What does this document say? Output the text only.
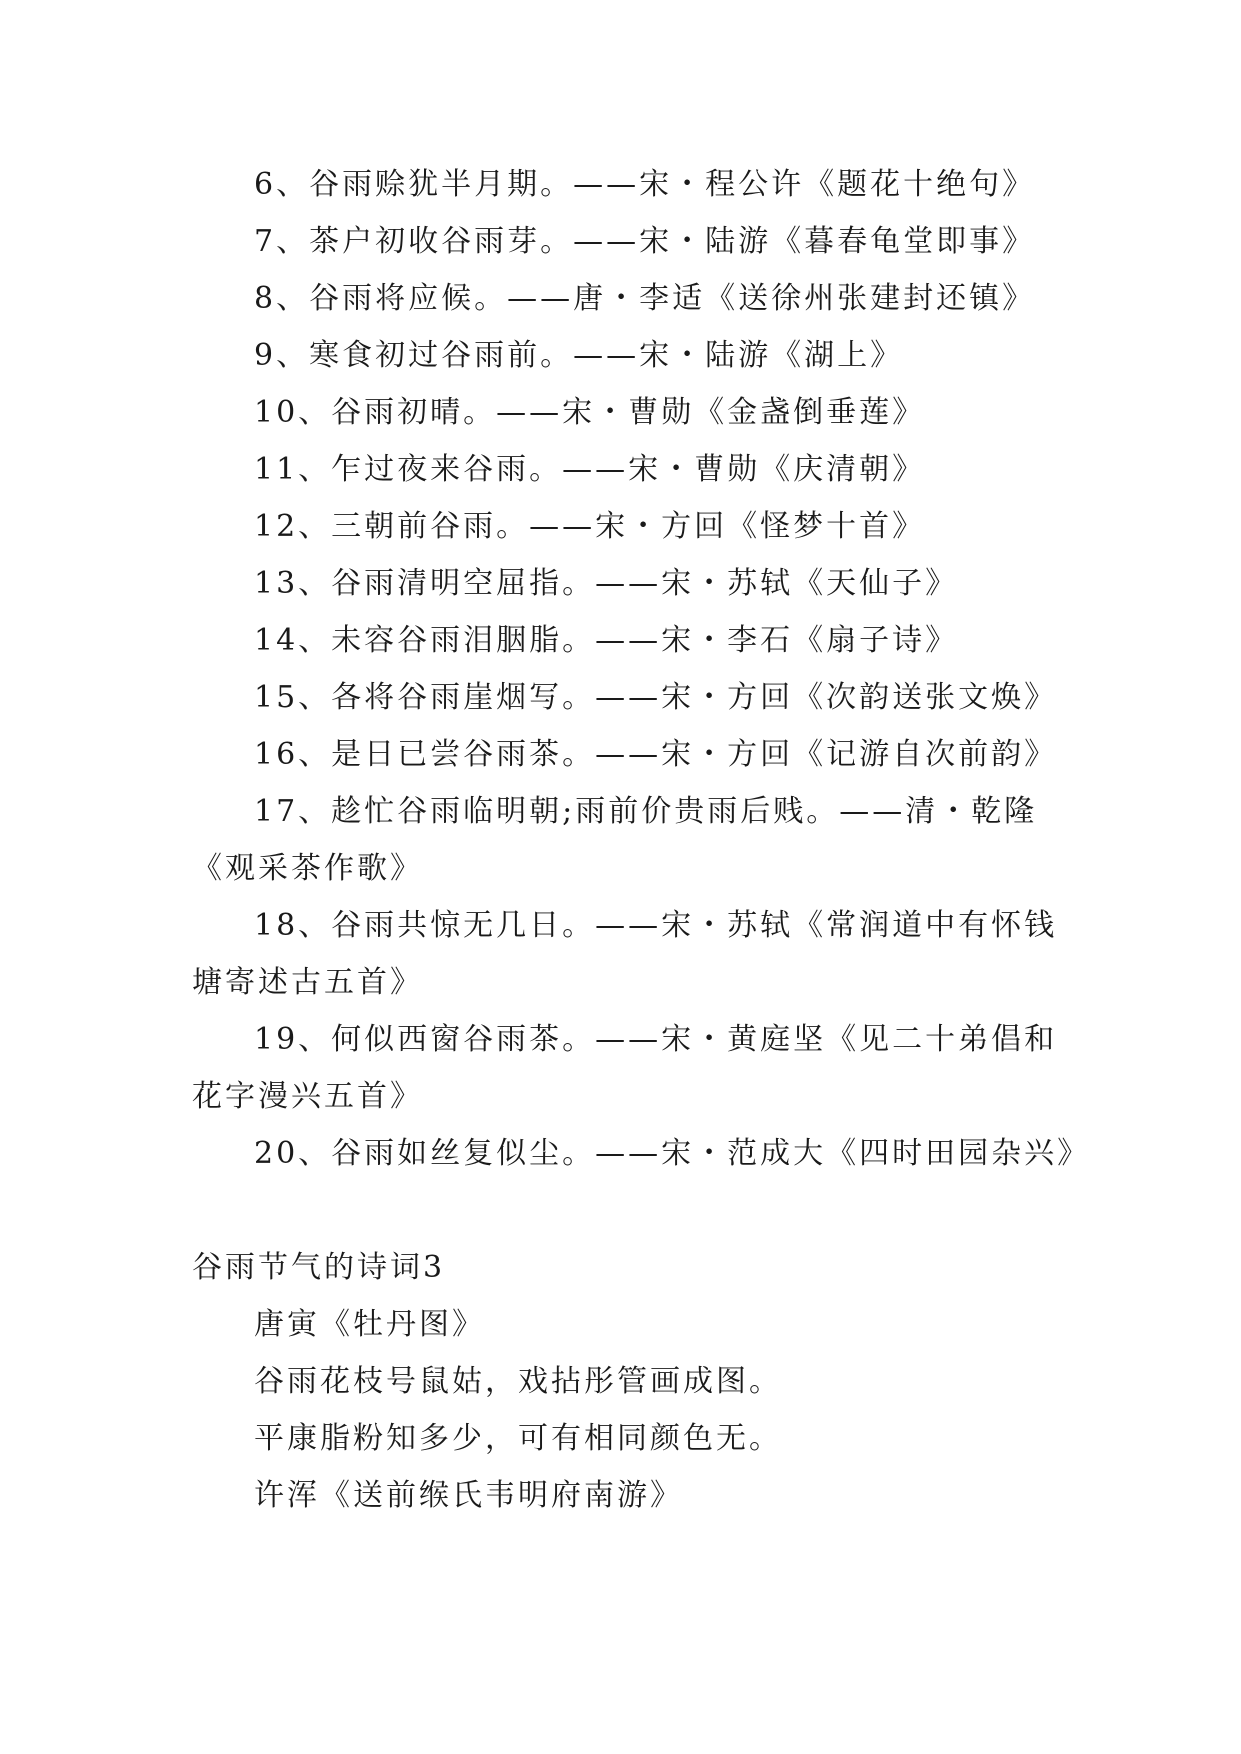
6、谷雨赊犹半月期。——宋・程公许《题花十绝句》
7、茶户初收谷雨芽。——宋・陆游《暮春龟堂即事》
8、谷雨将应候。——唐・李适《送徐州张建封还镇》
9、寒食初过谷雨前。——宋・陆游《湖上》
10、谷雨初晴。——宋・曹勋《金盏倒垂莲》
11、乍过夜来谷雨。——宋・曹勋《庆清朝》
12、三朝前谷雨。——宋・方回《怪梦十首》
13、谷雨清明空屈指。——宋・苏轼《天仙子》
14、未容谷雨泪胭脂。——宋・李石《扇子诗》
15、各将谷雨崖烟写。——宋・方回《次韵送张文焕》
16、是日已尝谷雨茶。——宋・方回《记游自次前韵》
17、趁忙谷雨临明朝;雨前价贵雨后贱。——清・乾隆
《观采茶作歌》
18、谷雨共惊无几日。——宋・苏轼《常润道中有怀钱
塘寄述古五首》
19、何似西窗谷雨茶。——宋・黄庭坚《见二十弟倡和
花字漫兴五首》
20、谷雨如丝复似尘。——宋・范成大《四时田园杂兴》
谷雨节气的诗词3
唐寅《牡丹图》
谷雨花枝号鼠姑，戏拈彤管画成图。
平康脂粉知多少，可有相同颜色无。
许浑《送前缑氏韦明府南游》
